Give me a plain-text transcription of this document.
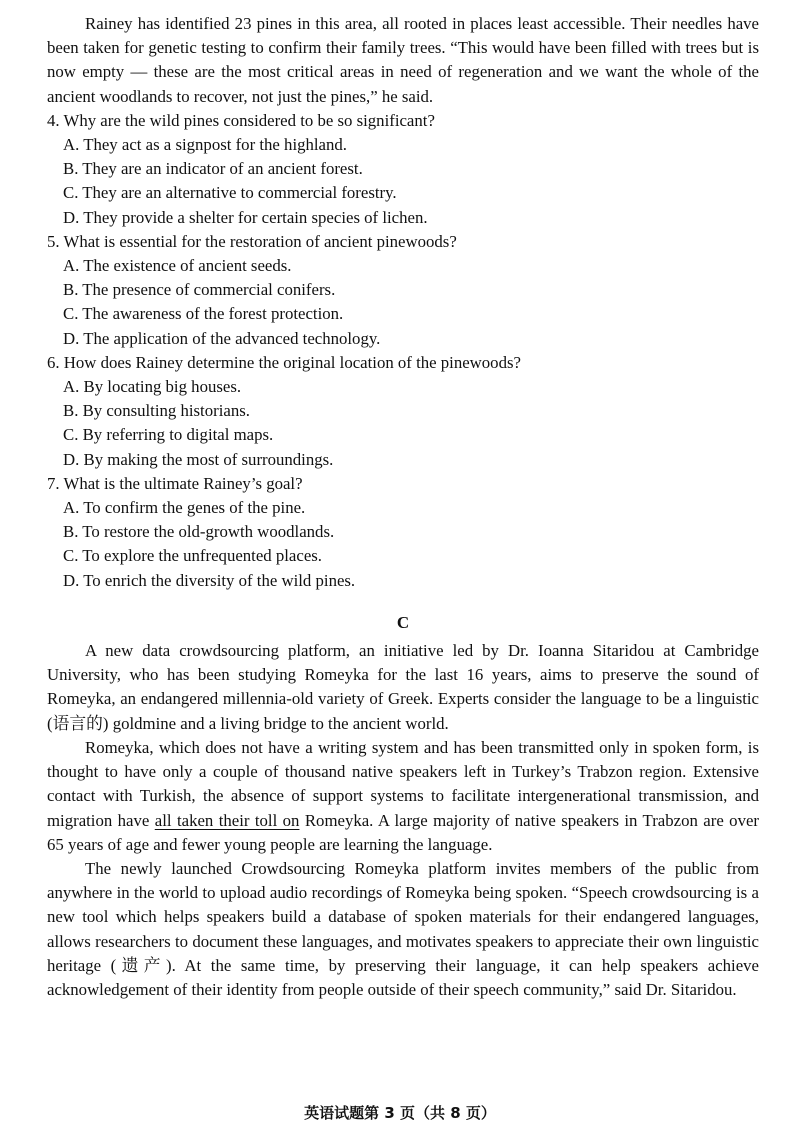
Rainey has identified 23 pines in this area, all rooted in places least accessible. Their needles have been taken for genetic testing to confirm their family trees. “This would have been filled with trees but is now empty — these are the most critical areas in need of regeneration and we want the whole of the ancient woodlands to recover, not just the pines,” he said.

4. Why are the wild pines considered to be so significant?

A. They act as a signpost for the highland.
B. They are an indicator of an ancient forest.
C. They are an alternative to commercial forestry.
D. They provide a shelter for certain species of lichen.

5. What is essential for the restoration of ancient pinewoods?

A. The existence of ancient seeds.
B. The presence of commercial conifers.
C. The awareness of the forest protection.
D. The application of the advanced technology.

6. How does Rainey determine the original location of the pinewoods?

A. By locating big houses.
B. By consulting historians.
C. By referring to digital maps.
D. By making the most of surroundings.

7. What is the ultimate Rainey’s goal?

A. To confirm the genes of the pine.
B. To restore the old-growth woodlands.
C. To explore the unfrequented places.
D. To enrich the diversity of the wild pines.
C

A new data crowdsourcing platform, an initiative led by Dr. Ioanna Sitaridou at Cambridge University, who has been studying Romeyka for the last 16 years, aims to preserve the sound of Romeyka, an endangered millennia-old variety of Greek. Experts consider the language to be a linguistic (语言的) goldmine and a living bridge to the ancient world.

Romeyka, which does not have a writing system and has been transmitted only in spoken form, is thought to have only a couple of thousand native speakers left in Turkey’s Trabzon region. Extensive contact with Turkish, the absence of support systems to facilitate intergenerational transmission, and migration have all taken their toll on Romeyka. A large majority of native speakers in Trabzon are over 65 years of age and fewer young people are learning the language.

The newly launched Crowdsourcing Romeyka platform invites members of the public from anywhere in the world to upload audio recordings of Romeyka being spoken. “Speech crowdsourcing is a new tool which helps speakers build a database of spoken materials for their endangered languages, allows researchers to document these languages, and motivates speakers to appreciate their own linguistic heritage (遗产). At the same time, by preserving their language, it can help speakers achieve acknowledgement of their identity from people outside of their speech community,” said Dr. Sitaridou.

英语试题第 3 页（共 8 页）
